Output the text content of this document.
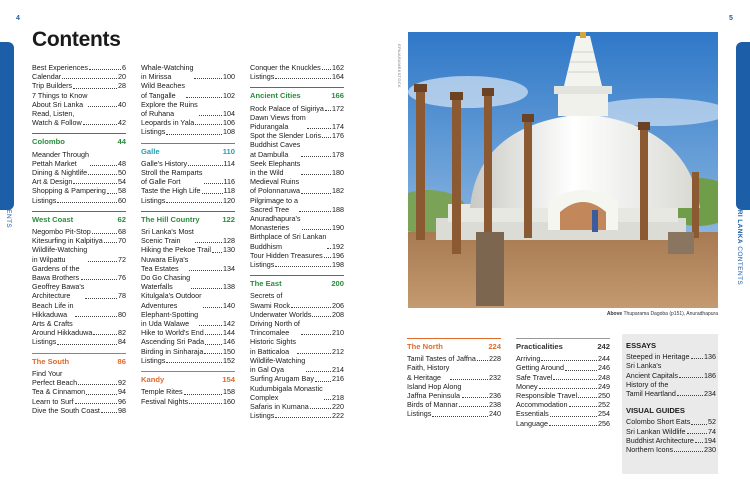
4	5
SRI LANKA CONTENTS	SRI LANKA CONTENTS
Contents
Best Experiences	6
Calendar	20
Trip Builders	28
7 Things to Know
About Sri Lanka	40
Read, Listen,
Watch & Follow	42
Colombo	44
Meander Through
Pettah Market	48
Dining & Nightlife	50
Art & Design	54
Shopping & Pampering 58
Listings	60
West Coast	62
Negombo Pit-Stop	68
Kitesurfing in Kalpitiya 70
Wildlife-Watching
in Wilpattu	72
Gardens of the
Bawa Brothers	76
Geoffrey Bawa's
Architecture	78
Beach Life in
Hikkaduwa	80
Arts & Crafts
Around Hikkaduwa	82
Listings	84
The South	86
Find Your
Perfect Beach	92
Tea & Cinnamon	94
Learn to Surf	96
Dive the South Coast	98
Whale-Watching
in Mirissa	100
Wild Beaches
of Tangalle	102
Explore the Ruins
of Ruhana	104
Leopards in Yala	106
Listings	108
Galle	110
Galle's History	114
Stroll the Ramparts
of Galle Fort	116
Taste the High Life	118
Listings	120
The Hill Country	122
Sri Lanka's Most
Scenic Train	128
Hiking the Pekoe Trail 130
Nuwara Eliya's
Tea Estates	134
Do Go Chasing
Waterfalls	138
Kitulgala's Outdoor
Adventures	140
Elephant-Spotting
in Uda Walawe	142
Hike to World's End	144
Ascending Sri Pada	146
Birding in Sinharaja	150
Listings	152
Kandy	154
Temple Rites	158
Festival Nights	160
Conquer the Knuckles 162
Listings	164
Ancient Cities	166
Rock Palace of Sigiriya 172
Dawn Views from
Pidurangala	174
Spot the Slender Loris 176
Buddhist Caves
at Dambulla	178
Seek Elephants
in the Wild	180
Medieval Ruins
of Polonnaruwa	182
Pilgrimage to a
Sacred Tree	188
Anuradhapura's
Monasteries	190
Birthplace of Sri Lankan
Buddhism	192
Tour Hidden Treasures 196
Listings	198
The East	200
Secrets of
Swami Rock	206
Underwater Worlds	208
Driving North of
Trincomalee	210
Historic Sights
in Batticaloa	212
Wildlife-Watching
in Gal Oya	214
Surfing Arugam Bay	216
Kudumbigala Monastic
Complex	218
Safaris in Kumana	220
Listings	222
The North	224
Tamil Tastes of Jaffna 228
Faith, History
& Heritage	232
Island Hop Along
Jaffna Peninsula	236
Birds of Mannar	238
Listings	240
Practicalities	242
Arriving	244
Getting Around	246
Safe Travel	248
Money	249
Responsible Travel	250
Accommodation	252
Essentials	254
Language	256
EPA/ARAMEKSTOCK
Above Thuparama Dagoba (p151), Anuradhapura
ESSAYS
Steeped in Heritage 136
Sri Lanka's
Ancient Capitals	186
History of the
Tamil Heartland	234
VISUAL GUIDES
Colombo Short Eats 52
Sri Lankan Wildlife	74
Buddhist Architecture 194
Northern Icons	230
